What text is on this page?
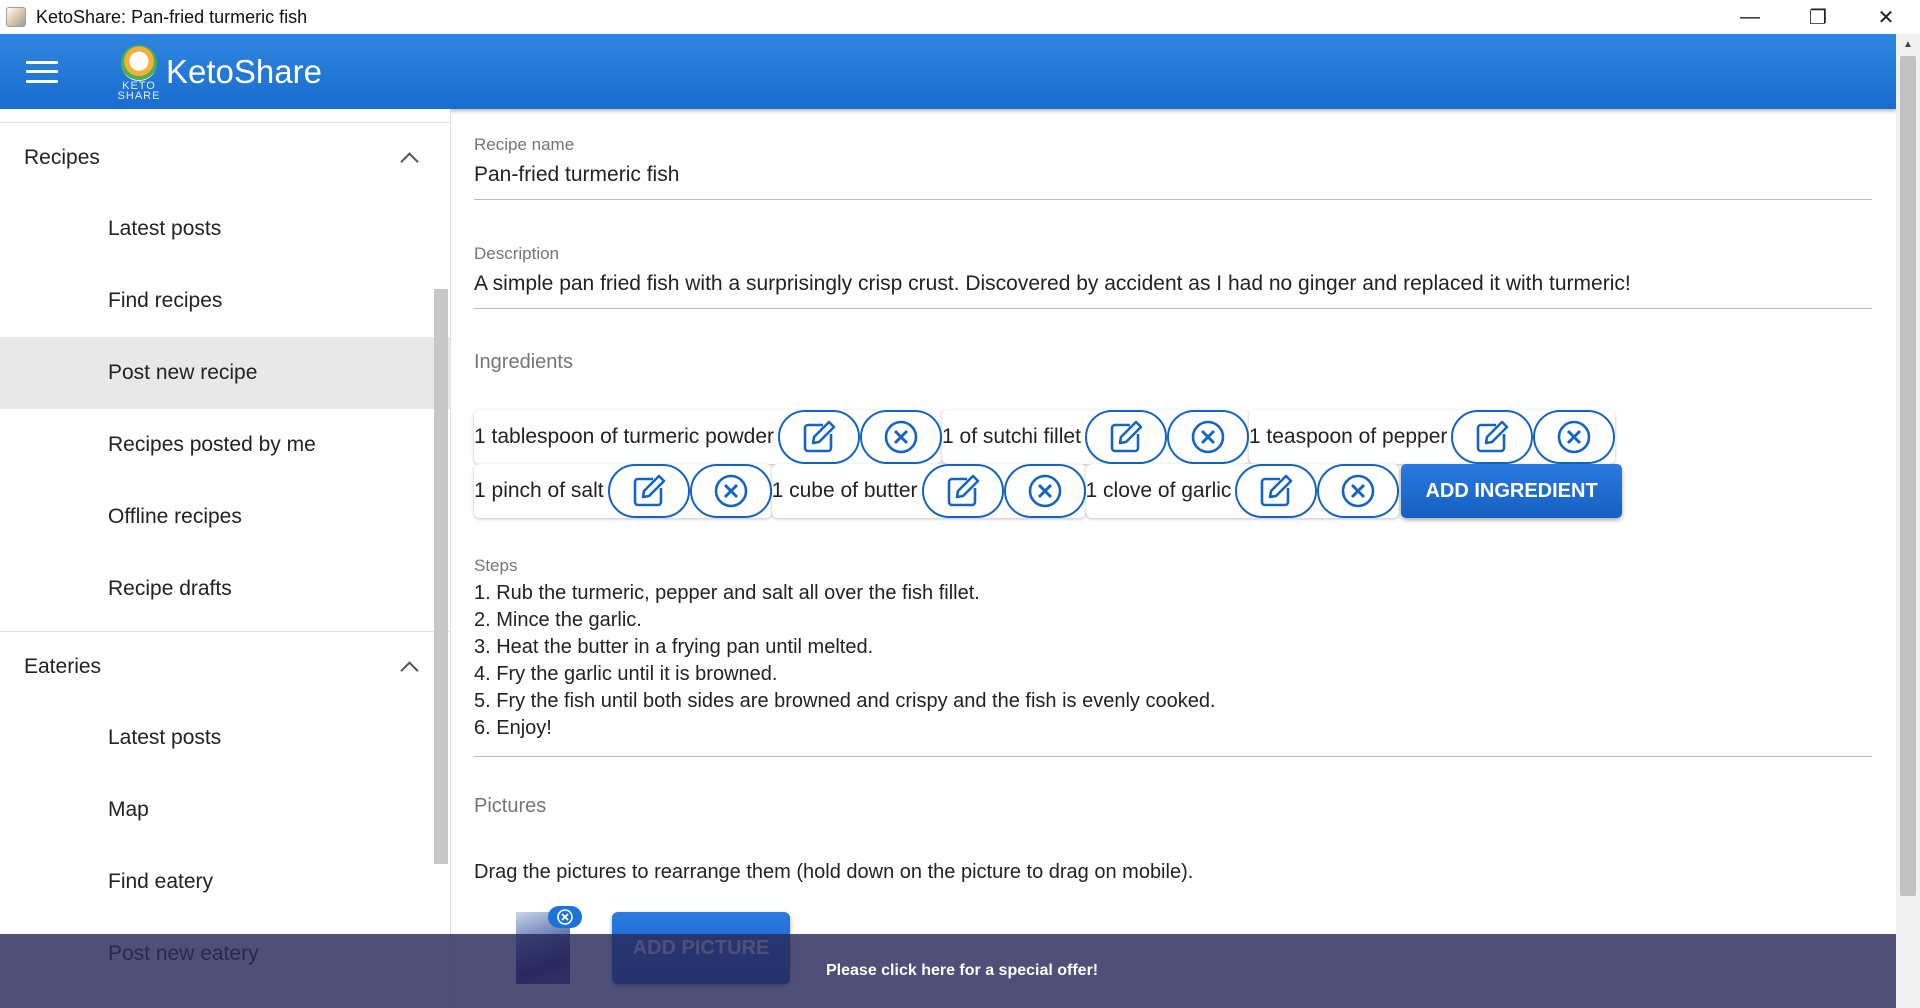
KetoShare: Pan-fried turmeric fish	—	❐	✕
KETO
SHARE
KetoShare
▲
Recipes
Latest posts
Find recipes
Post new recipe
Recipes posted by me
Offline recipes
Recipe drafts
Eateries
Latest posts
Map
Find eatery
Recipe name
Pan-fried turmeric fish
Description
A simple pan fried fish with a surprisingly crisp crust. Discovered by accident as I had no ginger and replaced it with turmeric!
Ingredients
1 tablespoon of turmeric powder	1 of sutchi fillet	1 teaspoon of pepper
1 pinch of salt	1 cube of butter	1 clove of garlic	ADD INGREDIENT
Steps
1. Rub the turmeric, pepper and salt all over the fish fillet.
2. Mince the garlic.
3. Heat the butter in a frying pan until melted.
4. Fry the garlic until it is browned.
5. Fry the fish until both sides are browned and crispy and the fish is evenly cooked.
6. Enjoy!
Pictures
Drag the pictures to rearrange them (hold down on the picture to drag on mobile).
Please click here for a special offer!
